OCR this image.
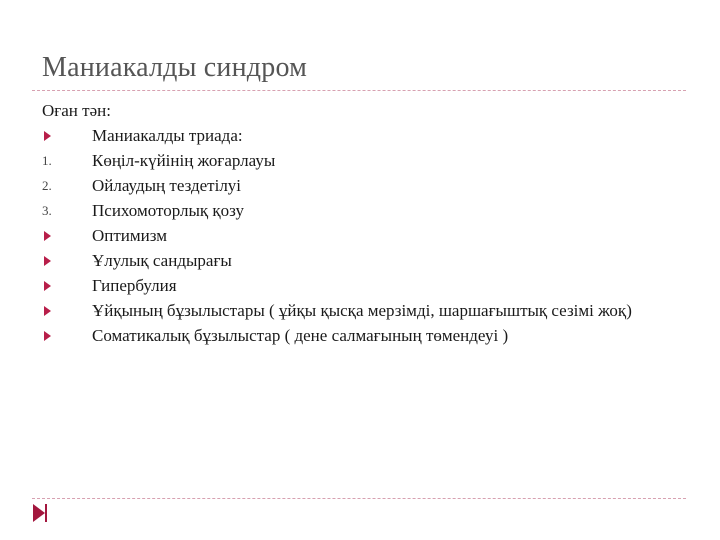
Маниакалды синдром

Оған тән:

Маниакалды триада:
1. Көңіл-күйінің жоғарлауы
2. Ойлаудың тездетілуі
3. Психомоторлық қозу
Оптимизм
Ұлулық сандырағы
Гипербулия
Ұйқының бұзылыстары ( ұйқы қысқа мерзімді, шаршағыштық сезімі жоқ)
Соматикалық бұзылыстар ( дене салмағының төмендеуі )
